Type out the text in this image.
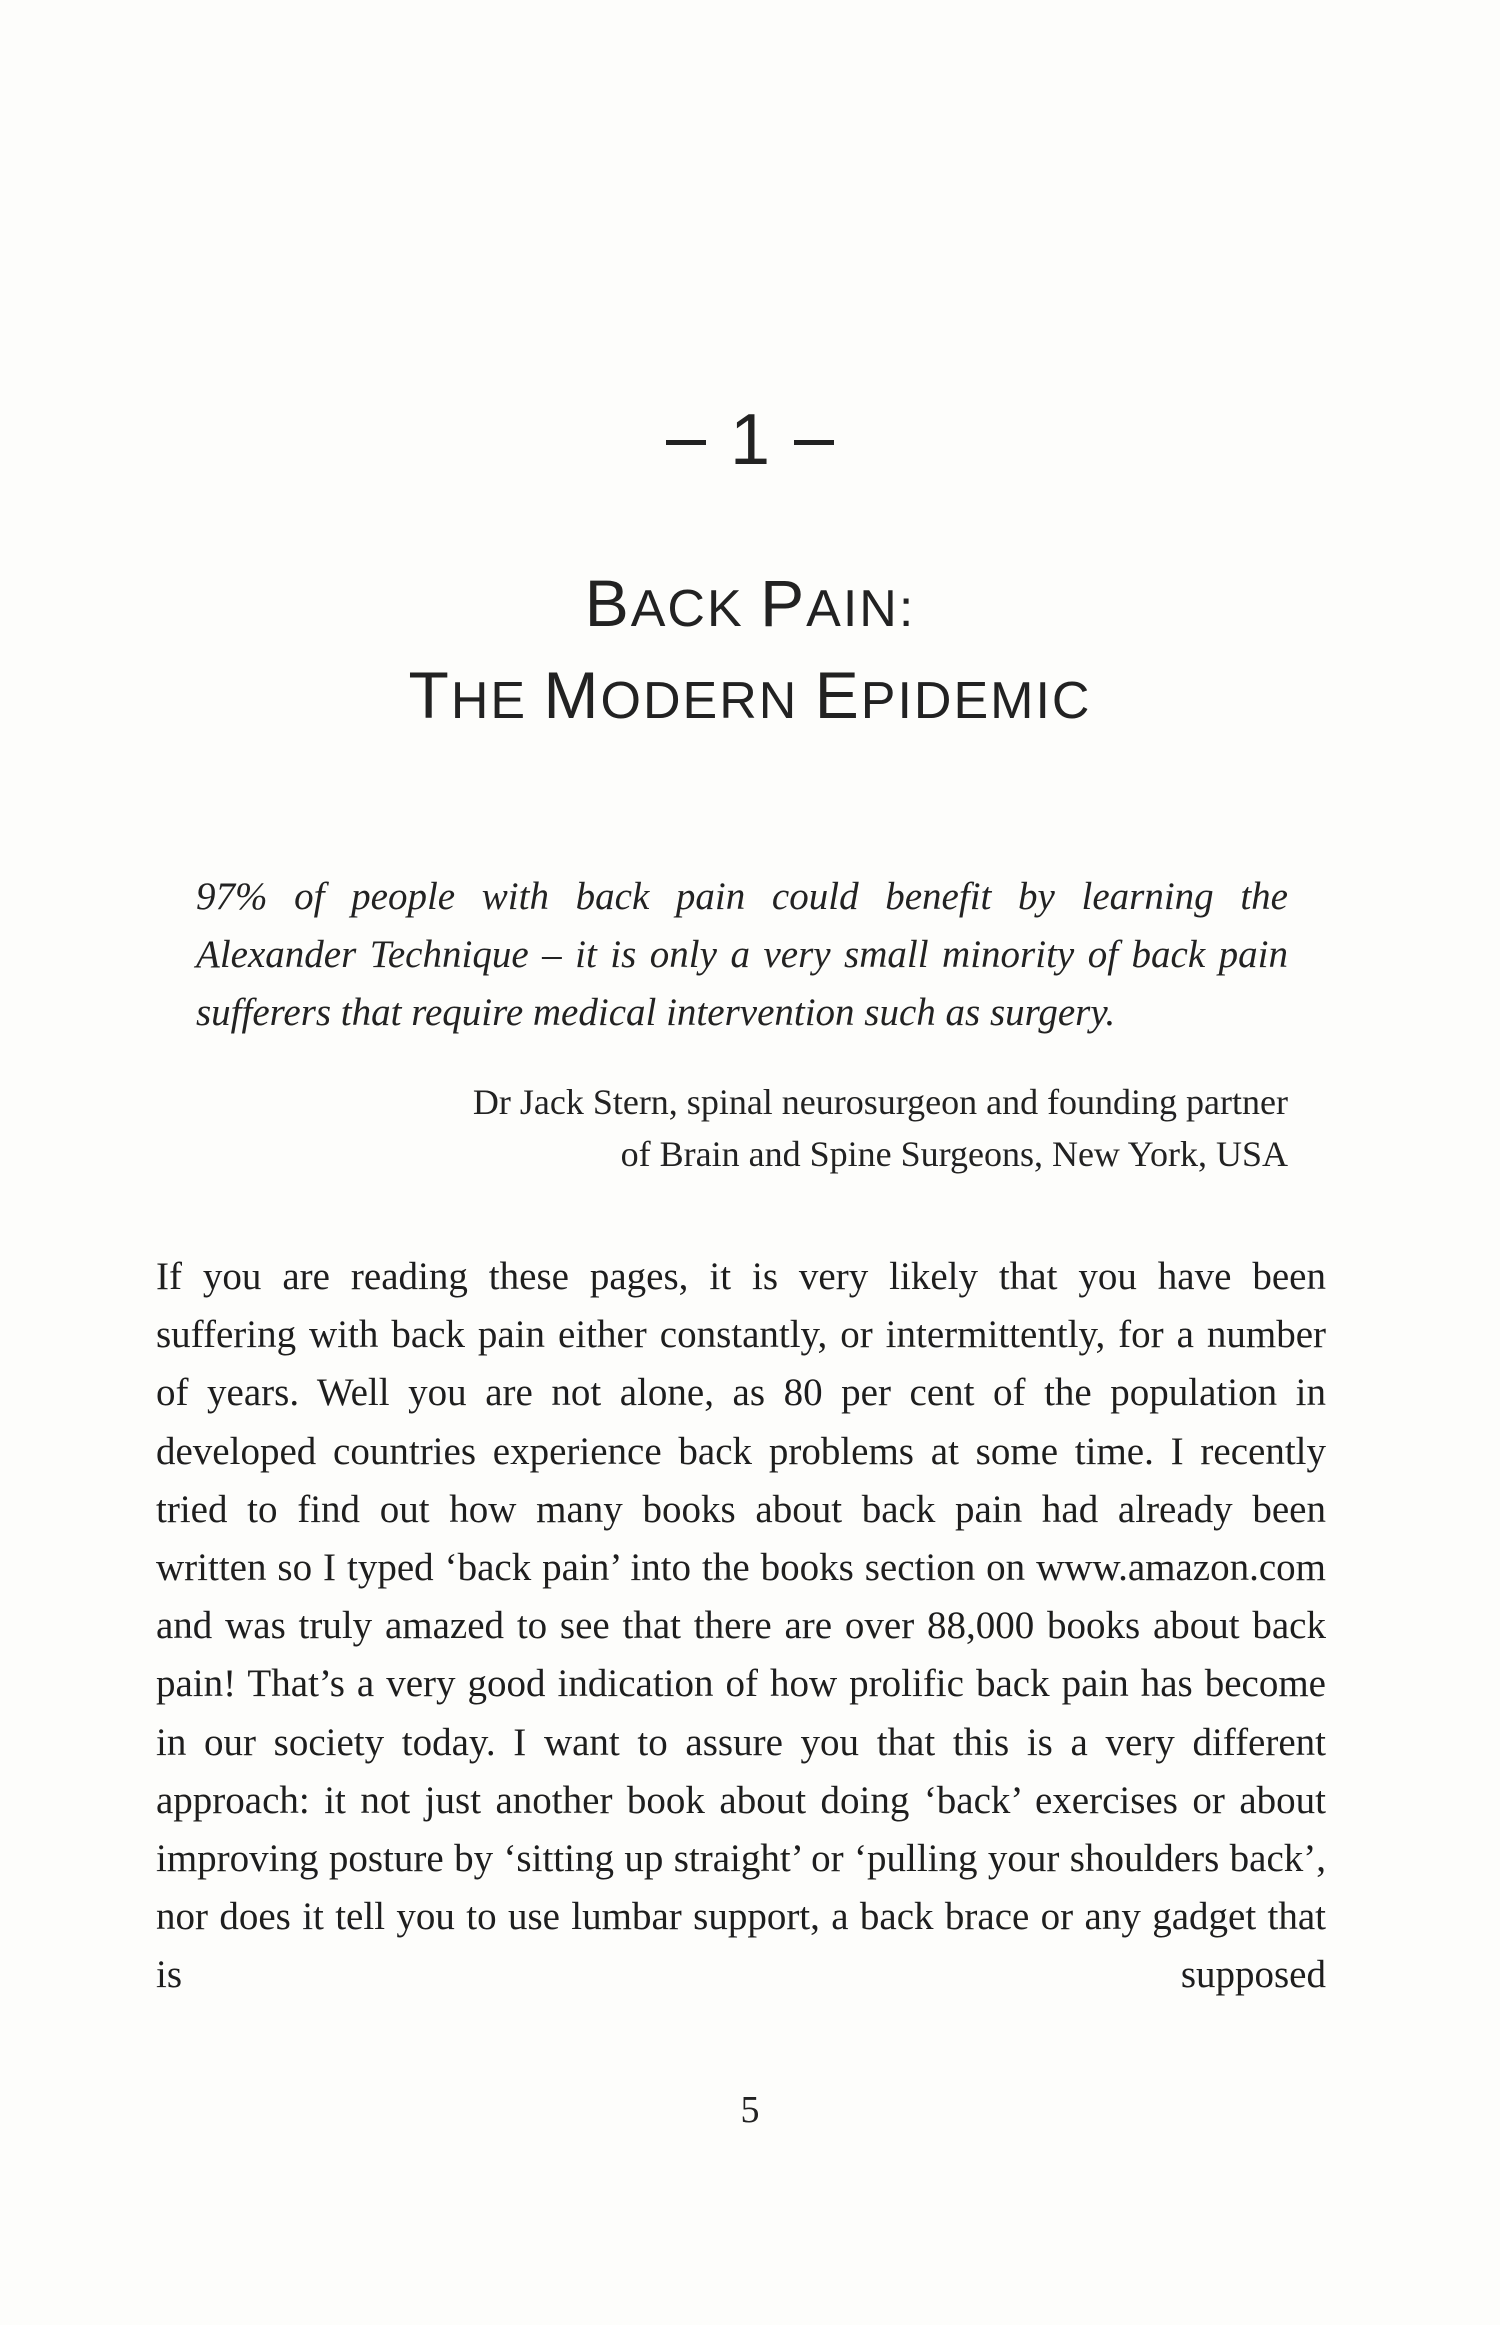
1
BACK PAIN:
THE MODERN EPIDEMIC
97% of people with back pain could benefit by learning the Alexander Technique – it is only a very small minority of back pain sufferers that require medical intervention such as surgery.
Dr Jack Stern, spinal neurosurgeon and founding partner
of Brain and Spine Surgeons, New York, USA
If you are reading these pages, it is very likely that you have been suffering with back pain either constantly, or intermittently, for a number of years. Well you are not alone, as 80 per cent of the population in developed countries experience back problems at some time. I recently tried to find out how many books about back pain had already been written so I typed ‘back pain’ into the books section on www.amazon.com and was truly amazed to see that there are over 88,000 books about back pain! That’s a very good indication of how prolific back pain has become in our society today. I want to assure you that this is a very different approach: it not just another book about doing ‘back’ exercises or about improving posture by ‘sitting up straight’ or ‘pulling your shoulders back’, nor does it tell you to use lumbar support, a back brace or any gadget that is supposed
5
